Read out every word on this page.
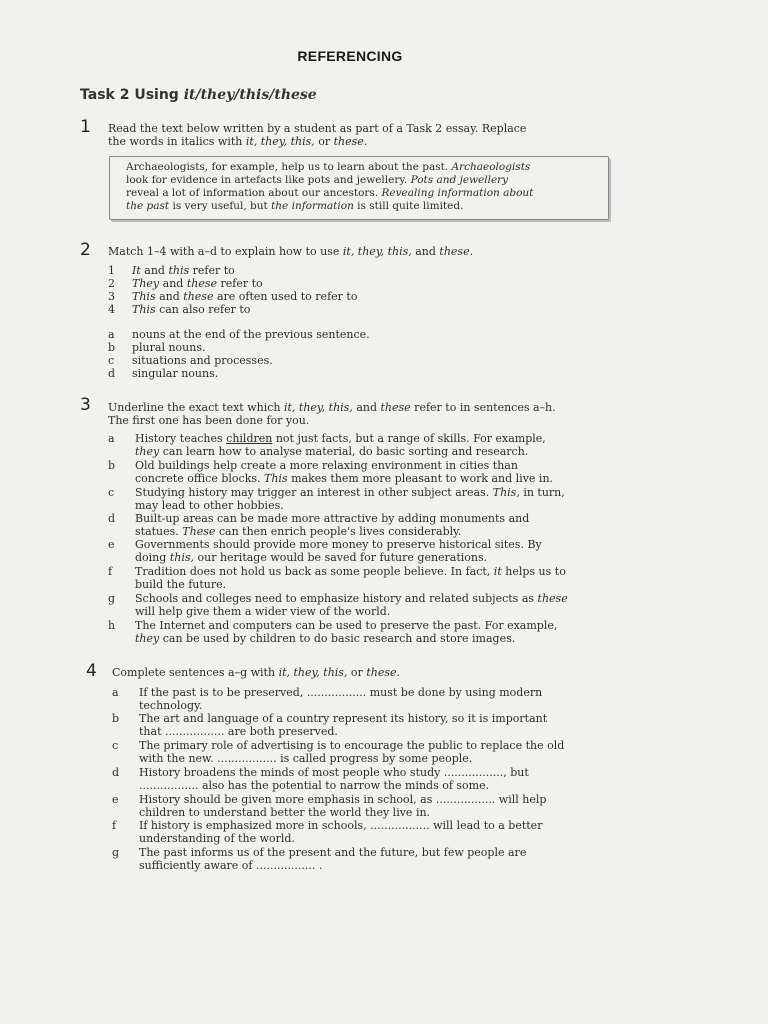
REFERENCING
Task 2 Using it/they/this/these
1 Read the text below written by a student as part of a Task 2 essay. Replace
the words in italics with it, they, this, or these.
Archaeologists, for example, help us to learn about the past. Archaeologists
look for evidence in artefacts like pots and jewellery. Pots and jewellery
reveal a lot of information about our ancestors. Revealing information about
the past is very useful, but the information is still quite limited.
2 Match 1–4 with a–d to explain how to use it, they, this, and these.
1 It and this refer to
2 They and these refer to
3 This and these are often used to refer to
4 This can also refer to
a nouns at the end of the previous sentence.
b plural nouns.
c situations and processes.
d singular nouns.
3 Underline the exact text which it, they, this, and these refer to in sentences a–h.
The first one has been done for you.
a	History teaches children not just facts, but a range of skills. For example,
they can learn how to analyse material, do basic sorting and research.
b	Old buildings help create a more relaxing environment in cities than
concrete office blocks. This makes them more pleasant to work and live in.
c	Studying history may trigger an interest in other subject areas. This, in turn,
may lead to other hobbies.
d	Built-up areas can be made more attractive by adding monuments and
statues. These can then enrich people's lives considerably.
e	Governments should provide more money to preserve historical sites. By
doing this, our heritage would be saved for future generations.
f	Tradition does not hold us back as some people believe. In fact, it helps us to
build the future.
g	Schools and colleges need to emphasize history and related subjects as these
will help give them a wider view of the world.
h	The Internet and computers can be used to preserve the past. For example,
they can be used by children to do basic research and store images.
4 Complete sentences a–g with it, they, this, or these.
a	If the past is to be preserved, ................. must be done by using modern
technology.
b	The art and language of a country represent its history, so it is important
that ................. are both preserved.
c	The primary role of advertising is to encourage the public to replace the old
with the new. ................. is called progress by some people.
d	History broadens the minds of most people who study ................., but
................. also has the potential to narrow the minds of some.
e	History should be given more emphasis in school, as ................. will help
children to understand better the world they live in.
f	If history is emphasized more in schools, ................. will lead to a better
understanding of the world.
g	The past informs us of the present and the future, but few people are
sufficiently aware of ................. .
